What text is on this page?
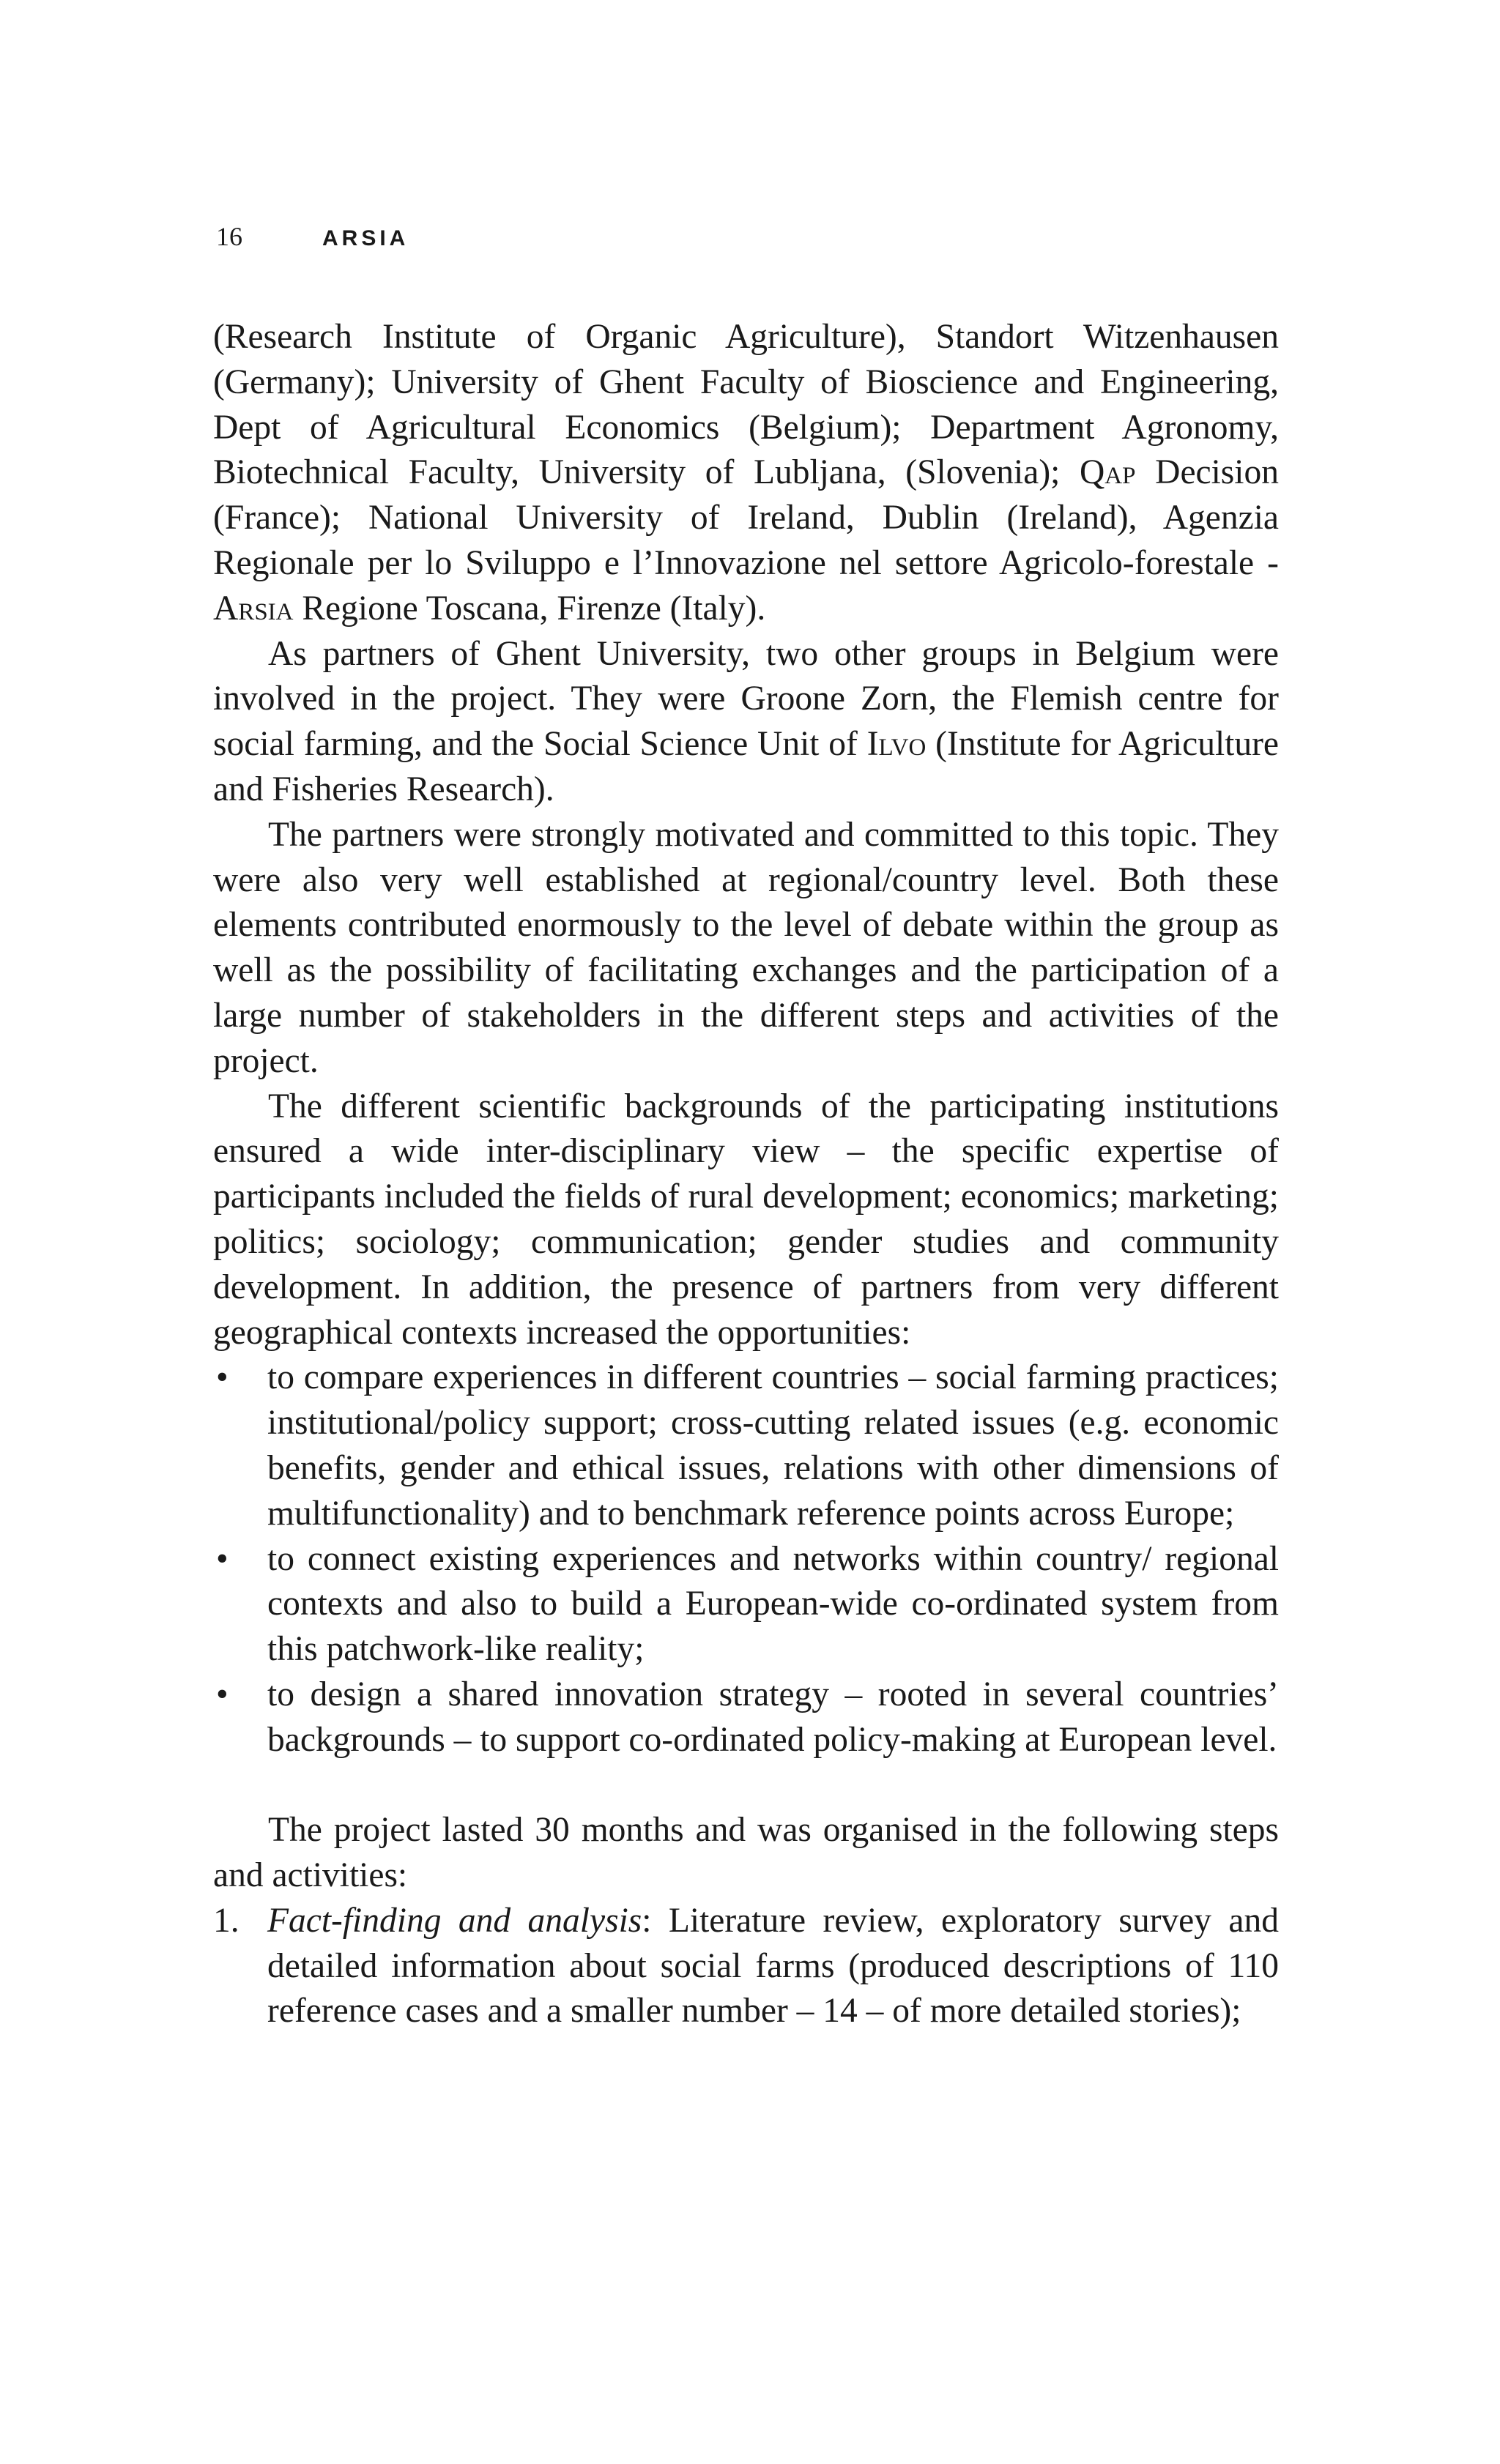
16	ARSIA

(Research Institute of Organic Agriculture), Standort Witzenhausen (Germany); University of Ghent Faculty of Bioscience and Engineering, Dept of Agricultural Economics (Belgium); Department Agronomy, Biotechnical Faculty, University of Lubljana, (Slovenia); Qap Decision (France); National University of Ireland, Dublin (Ireland), Agenzia Regionale per lo Sviluppo e l’Innovazione nel settore Agricolo-forestale - Arsia Regione Toscana, Firenze (Italy).

As partners of Ghent University, two other groups in Belgium were involved in the project. They were Groone Zorn, the Flemish centre for social farming, and the Social Science Unit of Ilvo (Institute for Agriculture and Fisheries Research).

The partners were strongly motivated and committed to this topic. They were also very well established at regional/country level. Both these elements contributed enormously to the level of debate within the group as well as the possibility of facilitating exchanges and the participation of a large number of stakeholders in the different steps and activities of the project.

The different scientific backgrounds of the participating institutions ensured a wide inter-disciplinary view – the specific expertise of participants included the fields of rural development; economics; marketing; politics; sociology; communication; gender studies and community development. In addition, the presence of partners from very different geographical contexts increased the opportunities:

• to compare experiences in different countries – social farming practices; institutional/policy support; cross-cutting related issues (e.g. economic benefits, gender and ethical issues, relations with other dimensions of multifunctionality) and to benchmark reference points across Europe;
• to connect existing experiences and networks within country/ regional contexts and also to build a European-wide co-ordinated system from this patchwork-like reality;
• to design a shared innovation strategy – rooted in several countries’ backgrounds – to support co-ordinated policy-making at European level.

The project lasted 30 months and was organised in the following steps and activities:

1. Fact-finding and analysis: Literature review, exploratory survey and detailed information about social farms (produced descriptions of 110 reference cases and a smaller number – 14 – of more detailed stories);
